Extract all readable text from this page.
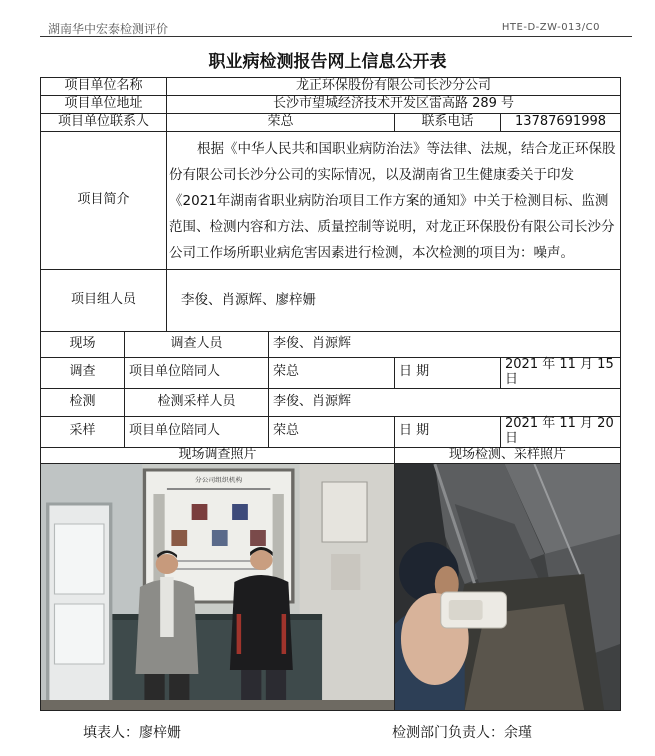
湖南华中宏泰检测评价	HTE-D-ZW-013/C0
职业病检测报告网上信息公开表
项目单位名称		龙正环保股份有限公司长沙分公司			
项目单位地址		长沙市望城经济技术开发区雷高路 289 号			
项目单位联系人		荣总		联系电话	13787691998
项目简介		根据《中华人民共和国职业病防治法》等法律、法规，结合龙正环保股份有限公司长沙分公司的实际情况，以及湖南省卫生健康委关于印发《2021年湖南省职业病防治项目工作方案的通知》中关于检测目标、监测范围、检测内容和方法、质量控制等说明，对龙正环保股份有限公司长沙分公司工作场所职业病危害因素进行检测，本次检测的项目为：噪声。			
项目组人员		李俊、肖源辉、廖梓姗			
现场	调查人员		李俊、肖源辉		
调查	项目单位陪同人		荣总	日 期	2021 年 11 月 15 日
检测	检测采样人员		李俊、肖源辉		
采样	项目单位陪同人		荣总	日 期	2021 年 11 月 20 日
现场调查照片				现场检测、采样照片	

分公司组织机构

填表人：廖梓姗	检测部门负责人：余瑾
